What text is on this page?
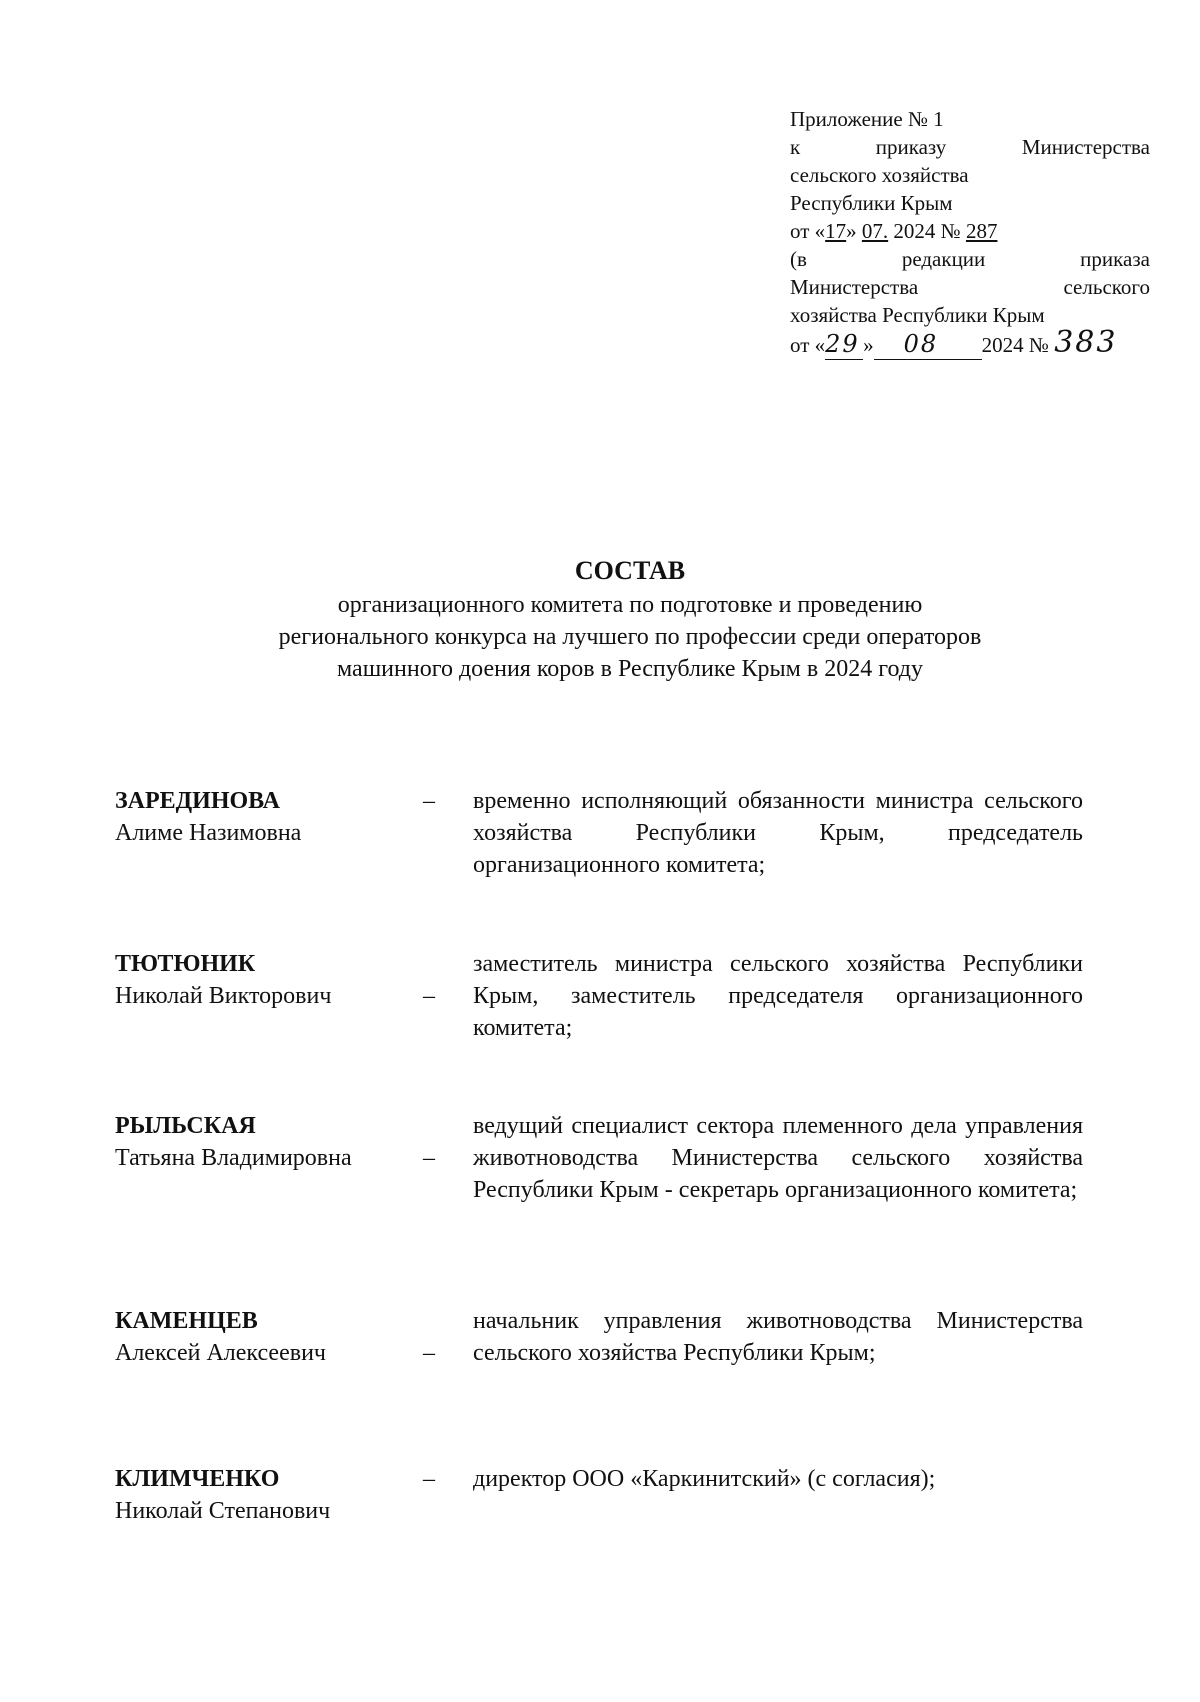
Приложение № 1
к	приказу	Министерства
сельского хозяйства
Республики Крым
от «17» 07. 2024 № 287
(в	редакции	приказа
Министерства	сельского
хозяйства Республики Крым
от «29 » 08 2024 № 383
СОСТАВ
организационного комитета по подготовке и проведению
регионального конкурса на лучшего по профессии среди операторов
машинного доения коров в Республике Крым в 2024 году
ЗАРЕДИНОВА
Алиме Назимовна
– временно исполняющий обязанности министра сельского хозяйства Республики Крым, председатель организационного комитета;
ТЮТЮНИК
Николай Викторович	–
заместитель министра сельского хозяйства Республики Крым, заместитель председателя организационного комитета;
РЫЛЬСКАЯ
Татьяна Владимировна	–
ведущий специалист сектора племенного дела управления животноводства Министерства сельского хозяйства Республики Крым - секретарь организационного комитета;
КАМЕНЦЕВ
Алексей Алексеевич	–
начальник управления животноводства Министерства сельского хозяйства Республики Крым;
КЛИМЧЕНКО
Николай Степанович
– директор ООО «Каркинитский» (с согласия);
